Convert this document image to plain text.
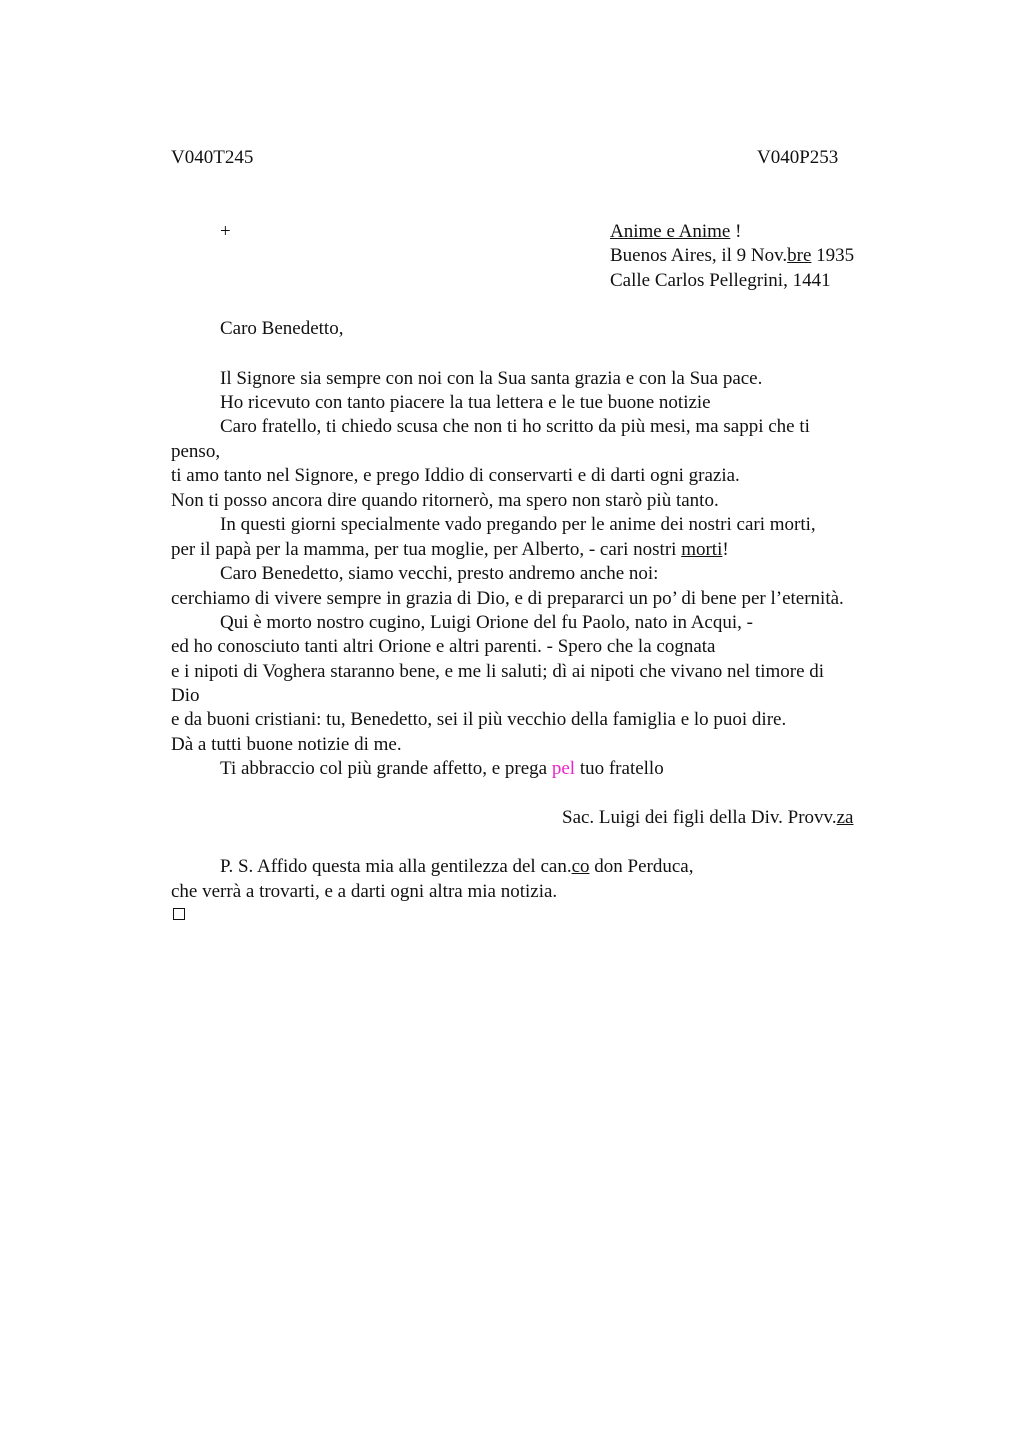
V040T245	V040P253
+	Anime e Anime !
Buenos Aires, il 9 Nov.bre 1935
Calle Carlos Pellegrini, 1441
Caro Benedetto,
Il Signore sia sempre con noi con la Sua santa grazia e con la Sua pace.
Ho ricevuto con tanto piacere la tua lettera e le tue buone notizie
Caro fratello, ti chiedo scusa che non ti ho scritto da più mesi, ma sappi che ti
penso,
ti amo tanto nel Signore, e prego Iddio di conservarti e di darti ogni grazia.
Non ti posso ancora dire quando ritornerò, ma spero non starò più tanto.
In questi giorni specialmente vado pregando per le anime dei nostri cari morti,
per il papà per la mamma, per tua moglie, per Alberto, - cari nostri morti!
Caro Benedetto, siamo vecchi, presto andremo anche noi:
cerchiamo di vivere sempre in grazia di Dio, e di prepararci un po’ di bene per l’eternità.
Qui è morto nostro cugino, Luigi Orione del fu Paolo, nato in Acqui, -
ed ho conosciuto tanti altri Orione e altri parenti. - Spero che la cognata
e i nipoti di Voghera staranno bene, e me li saluti; dì ai nipoti che vivano nel timore di
Dio
e da buoni cristiani: tu, Benedetto, sei il più vecchio della famiglia e lo puoi dire.
Dà a tutti buone notizie di me.
Ti abbraccio col più grande affetto, e prega pel tuo fratello
Sac. Luigi dei figli della Div. Provv.za
P. S. Affido questa mia alla gentilezza del can.co don Perduca,
che verrà a trovarti, e a darti ogni altra mia notizia.
